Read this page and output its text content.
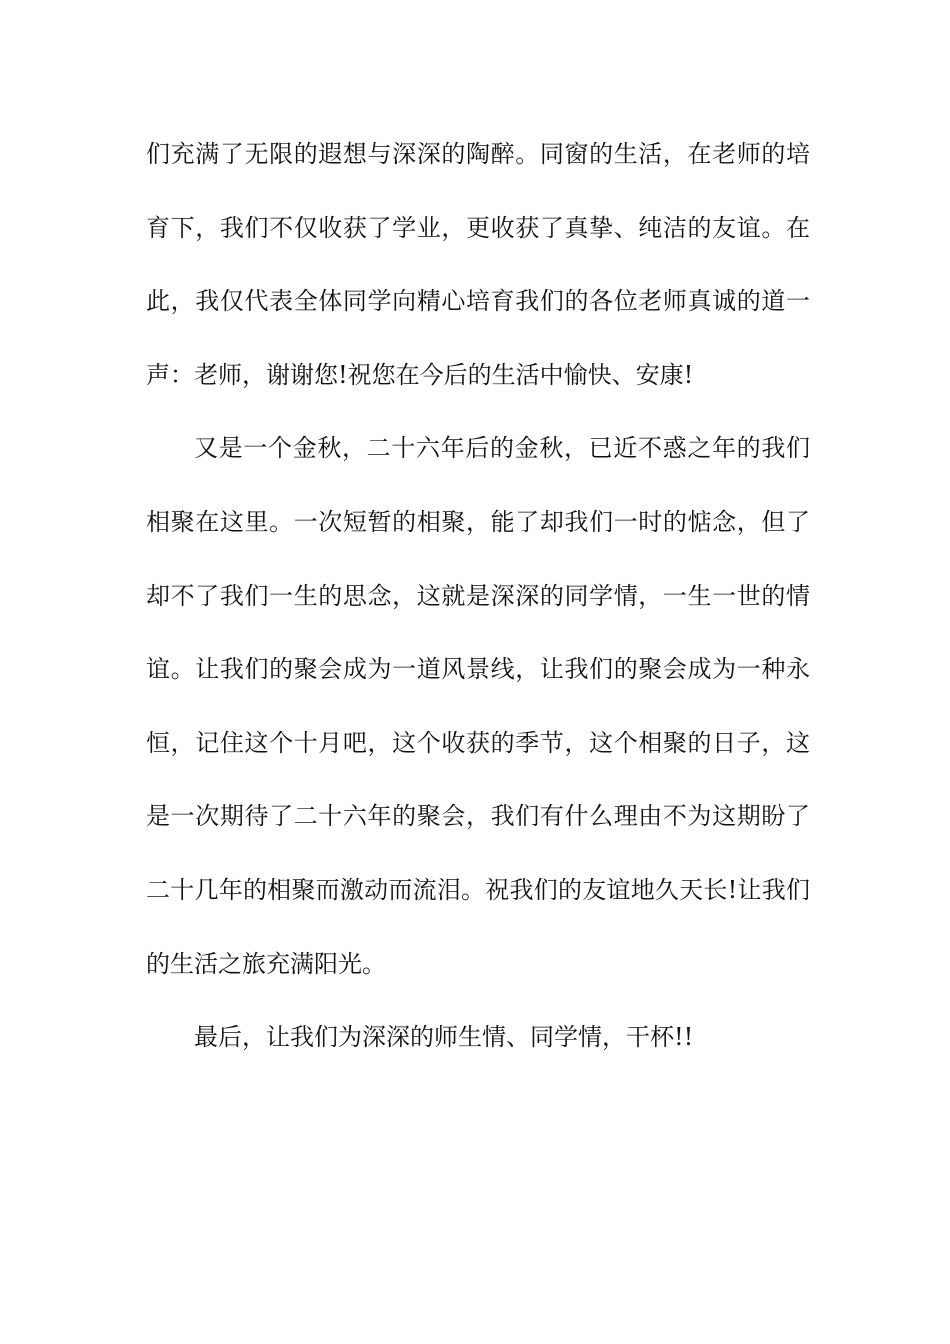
们充满了无限的遐想与深深的陶醉。同窗的生活，在老师的培
育下，我们不仅收获了学业，更收获了真挚、纯洁的友谊。在
此，我仅代表全体同学向精心培育我们的各位老师真诚的道一
声：老师，谢谢您!祝您在今后的生活中愉快、安康!
又是一个金秋，二十六年后的金秋，已近不惑之年的我们
相聚在这里。一次短暂的相聚，能了却我们一时的惦念，但了
却不了我们一生的思念，这就是深深的同学情，一生一世的情
谊。让我们的聚会成为一道风景线，让我们的聚会成为一种永
恒，记住这个十月吧，这个收获的季节，这个相聚的日子，这
是一次期待了二十六年的聚会，我们有什么理由不为这期盼了
二十几年的相聚而激动而流泪。祝我们的友谊地久天长!让我们
的生活之旅充满阳光。
最后，让我们为深深的师生情、同学情，干杯!!
